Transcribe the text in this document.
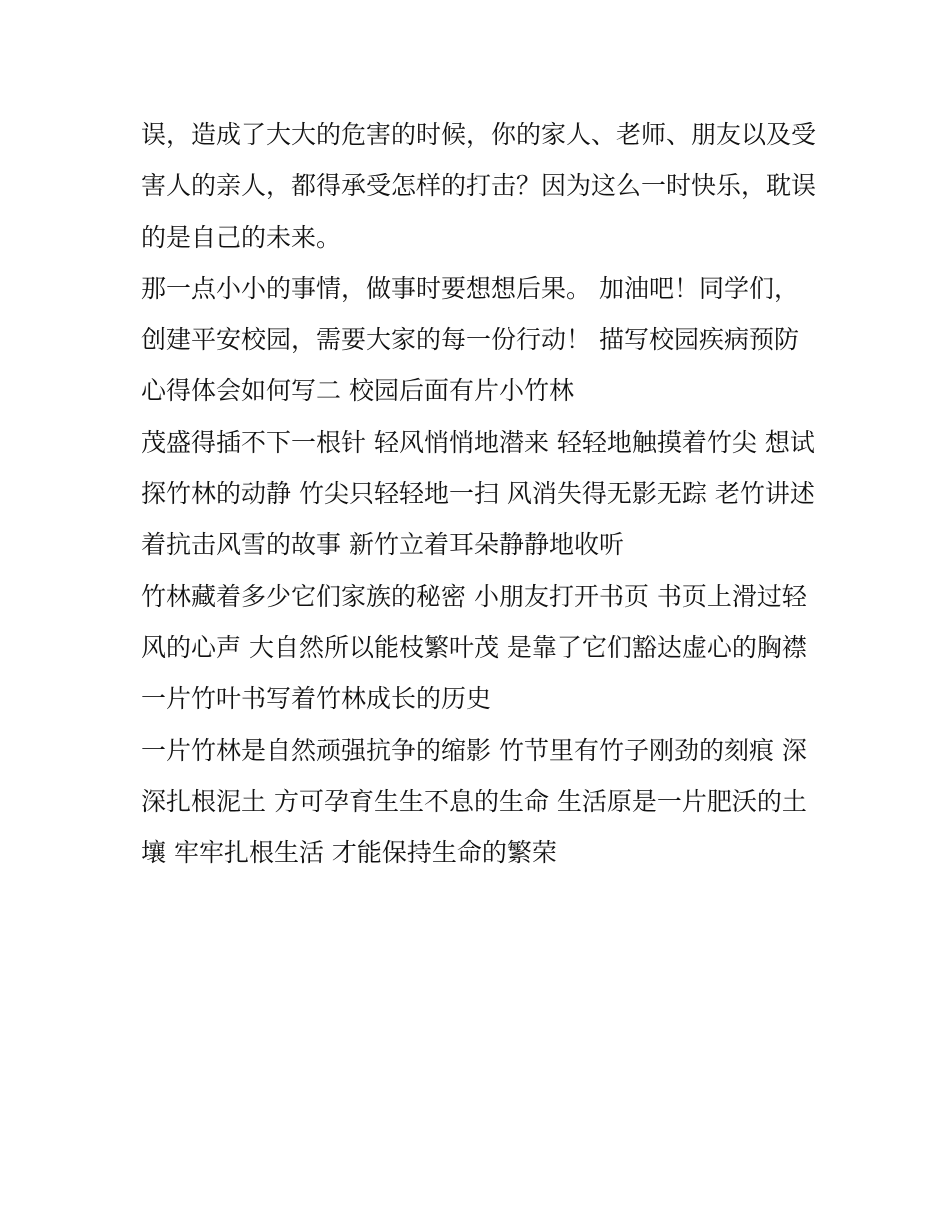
误，造成了大大的危害的时候，你的家人、老师、朋友以及受
害人的亲人，都得承受怎样的打击？因为这么一时快乐，耽误
的是自己的未来。
那一点小小的事情，做事时要想想后果。 加油吧！同学们，
创建平安校园，需要大家的每一份行动！ 描写校园疾病预防
心得体会如何写二 校园后面有片小竹林
茂盛得插不下一根针 轻风悄悄地潜来 轻轻地触摸着竹尖 想试
探竹林的动静 竹尖只轻轻地一扫 风消失得无影无踪 老竹讲述
着抗击风雪的故事 新竹立着耳朵静静地收听
竹林藏着多少它们家族的秘密 小朋友打开书页 书页上滑过轻
风的心声 大自然所以能枝繁叶茂 是靠了它们豁达虚心的胸襟
一片竹叶书写着竹林成长的历史
一片竹林是自然顽强抗争的缩影 竹节里有竹子刚劲的刻痕 深
深扎根泥土 方可孕育生生不息的生命 生活原是一片肥沃的土
壤 牢牢扎根生活 才能保持生命的繁荣
